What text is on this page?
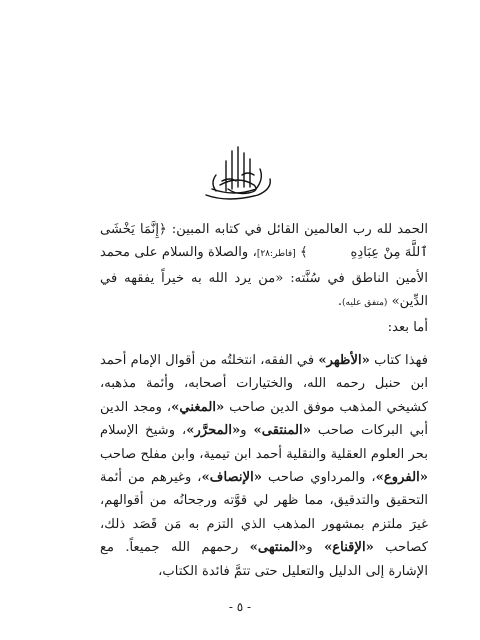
الحمد لله رب العالمين القائل في كتابه المبين: ﴿إِنَّمَا يَخْشَى ٱللَّهَ مِنْ عِبَادِهِ          ﴾ [فاطر:٢٨]، والصلاة والسلام على محمد الأمين الناطق في سُنَّته: «من يرد الله به خيراً يفقهه في الدِّين» (متفق عليه).

أما بعد:

فهذا كتاب «الأظهر» في الفقه، انتخلتُه من أقوال الإمام أحمد ابن حنبل رحمه الله، والختيارات أصحابه، وأئمة مذهبه، كشيخي المذهب موفق الدين صاحب «المغني»، ومجد الدين أبي البركات صاحب «المنتقى» و«المحرَّر»، وشيخ الإسلام بحر العلوم العقلية والنقلية أحمد ابن تيمية، وابن مفلح صاحب «الفروع»، والمرداوي صاحب «الإنصاف»، وغيرهم من أئمة التحقيق والتدقيق، مما ظهر لي قوَّته ورجحانُه من أقوالهم، غيرَ ملتزم بمشهور المذهب الذي التزم به مَن قَصَد ذلك، كصاحب «الإقناع» و«المنتهى» رحمهم الله جميعاً. مع الإشارة إلى الدليل والتعليل حتى تتمَّ فائدة الكتاب،

- ٥ -
